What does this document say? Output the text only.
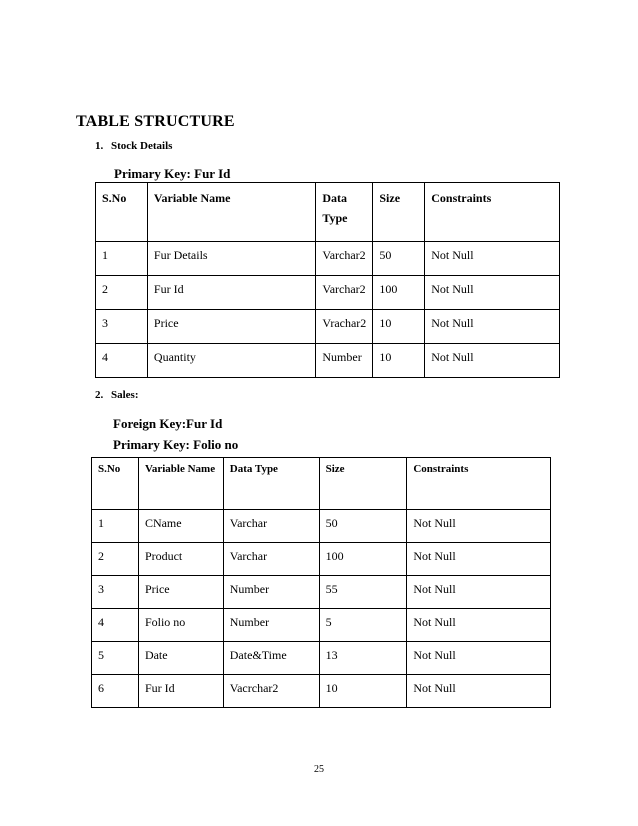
TABLE STRUCTURE
1. Stock Details
Primary Key: Fur Id
S.No	Variable Name	Data Type	Size	Constraints
1	Fur Details	Varchar2	50	Not Null
2	Fur Id	Varchar2	100	Not Null
3	Price	Vrachar2	10	Not Null
4	Quantity	Number	10	Not Null
2. Sales:
Foreign Key:Fur Id
Primary Key: Folio no
S.No	Variable Name	Data Type	Size	Constraints
1	CName	Varchar	50	Not Null
2	Product	Varchar	100	Not Null
3	Price	Number	55	Not Null
4	Folio no	Number	5	Not Null
5	Date	Date&Time	13	Not Null
6	Fur Id	Vacrchar2	10	Not Null
25
